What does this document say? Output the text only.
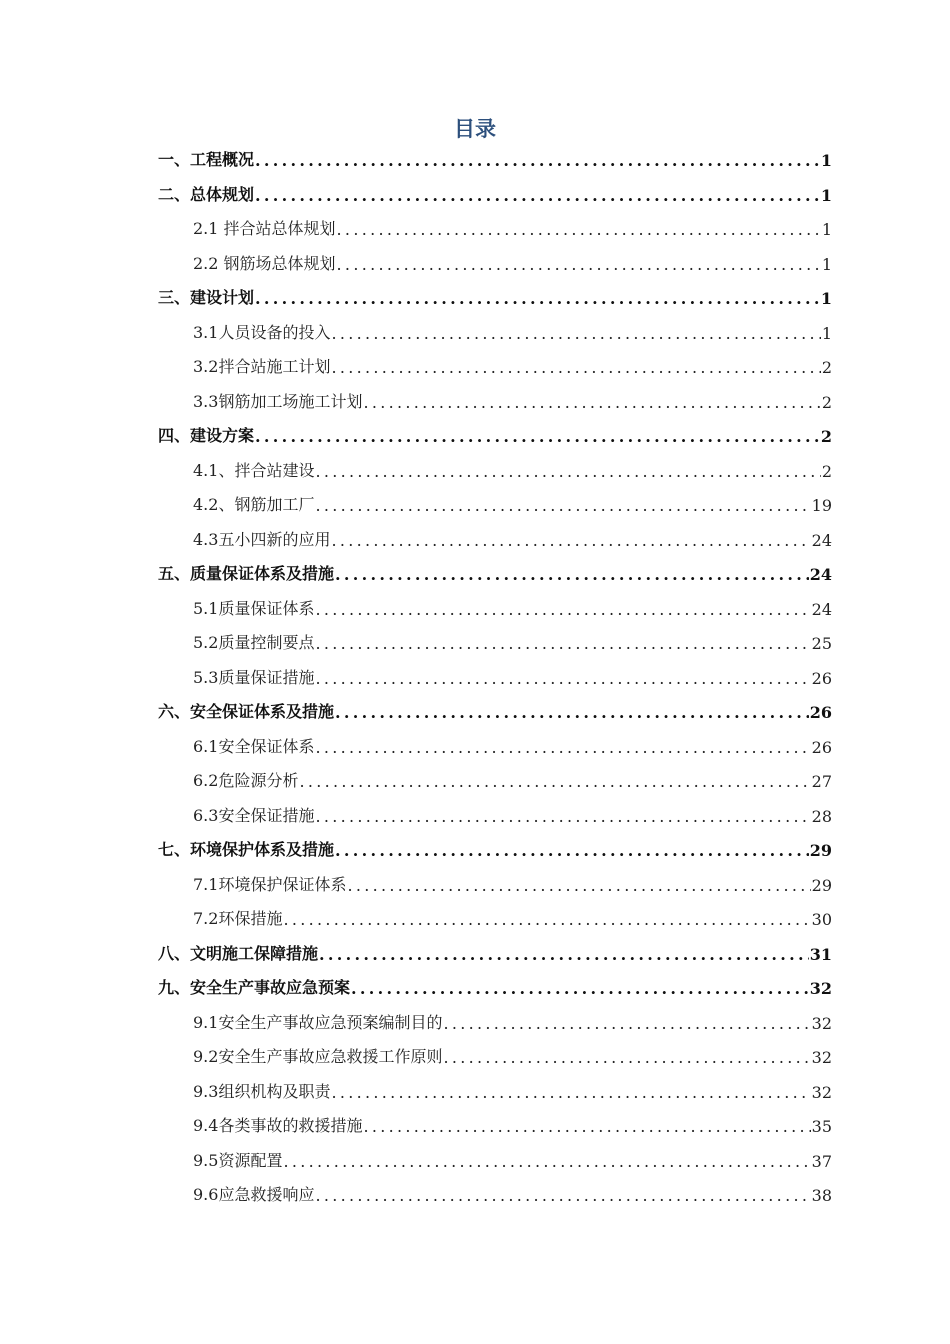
目录
一、工程概况 .....	1
二、总体规划 .....	1
2.1 拌合站总体规划 .....	1
2.2 钢筋场总体规划 .....	1
三、建设计划 .....	1
3.1人员设备的投入 .....	1
3.2拌合站施工计划 .....	2
3.3钢筋加工场施工计划 .....	2
四、建设方案 .....	2
4.1、拌合站建设 .....	2
4.2、钢筋加工厂 .....	19
4.3五小四新的应用 .....	24
五、质量保证体系及措施 .....	24
5.1质量保证体系 .....	24
5.2质量控制要点 .....	25
5.3质量保证措施 .....	26
六、安全保证体系及措施 .....	26
6.1安全保证体系 .....	26
6.2危险源分析 .....	27
6.3安全保证措施 .....	28
七、环境保护体系及措施 .....	29
7.1环境保护保证体系 .....	29
7.2环保措施 .....	30
八、文明施工保障措施 .....	31
九、安全生产事故应急预案 .....	32
9.1安全生产事故应急预案编制目的 .....	32
9.2安全生产事故应急救援工作原则 .....	32
9.3组织机构及职责 .....	32
9.4各类事故的救援措施 .....	35
9.5资源配置 .....	37
9.6应急救援响应 .....	38
